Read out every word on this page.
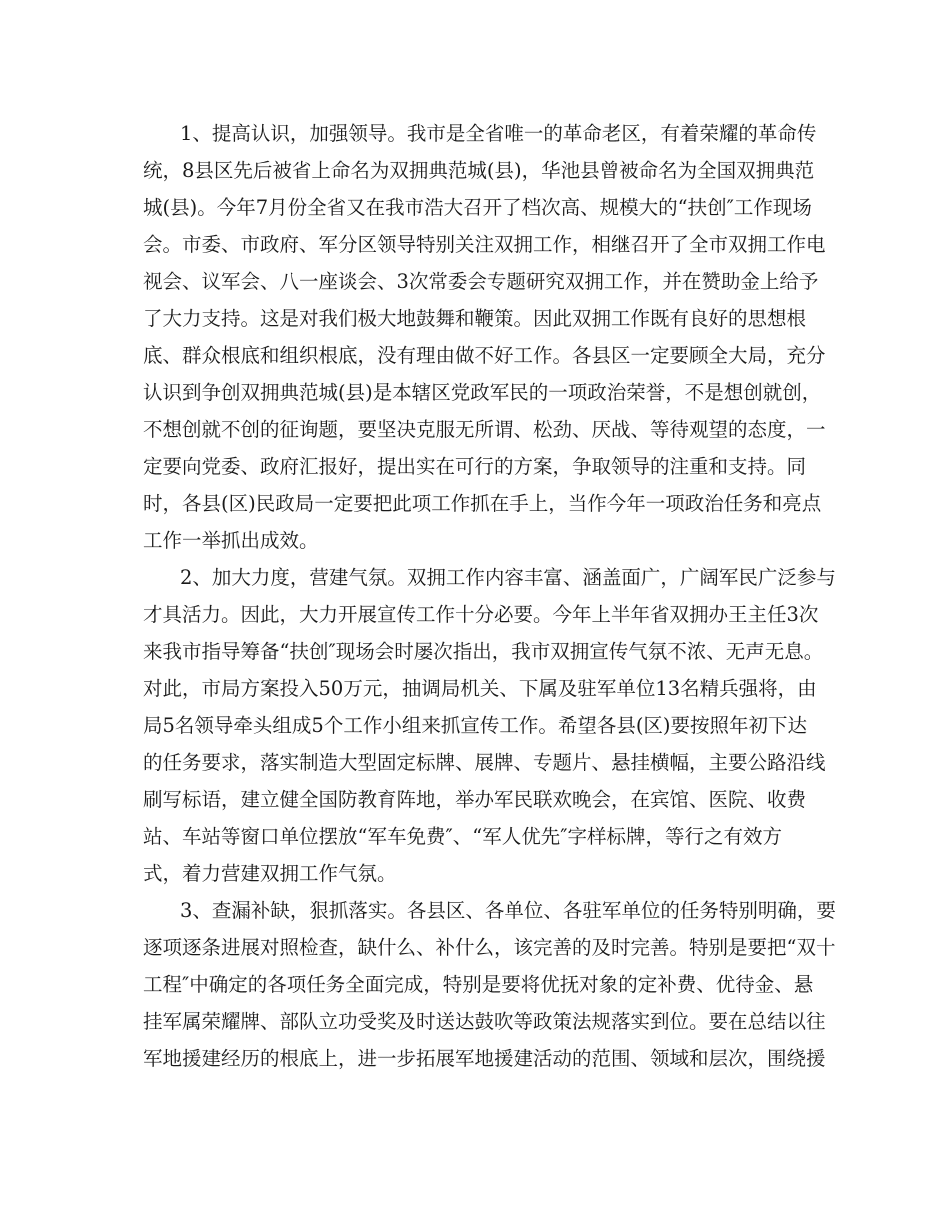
1、提高认识，加强领导。我市是全省唯一的革命老区，有着荣耀的革命传
统，8县区先后被省上命名为双拥典范城(县)，华池县曾被命名为全国双拥典范
城(县)。今年7月份全省又在我市浩大召开了档次高、规模大的“扶创″工作现场
会。市委、市政府、军分区领导特别关注双拥工作，相继召开了全市双拥工作电
视会、议军会、八一座谈会、3次常委会专题研究双拥工作，并在赞助金上给予
了大力支持。这是对我们极大地鼓舞和鞭策。因此双拥工作既有良好的思想根
底、群众根底和组织根底，没有理由做不好工作。各县区一定要顾全大局，充分
认识到争创双拥典范城(县)是本辖区党政军民的一项政治荣誉，不是想创就创，
不想创就不创的征询题，要坚决克服无所谓、松劲、厌战、等待观望的态度，一
定要向党委、政府汇报好，提出实在可行的方案，争取领导的注重和支持。同
时，各县(区)民政局一定要把此项工作抓在手上，当作今年一项政治任务和亮点
工作一举抓出成效。
2、加大力度，营建气氛。双拥工作内容丰富、涵盖面广，广阔军民广泛参与
才具活力。因此，大力开展宣传工作十分必要。今年上半年省双拥办王主任3次
来我市指导筹备“扶创″现场会时屡次指出，我市双拥宣传气氛不浓、无声无息。
对此，市局方案投入50万元，抽调局机关、下属及驻军单位13名精兵强将，由
局5名领导牵头组成5个工作小组来抓宣传工作。希望各县(区)要按照年初下达
的任务要求，落实制造大型固定标牌、展牌、专题片、悬挂横幅，主要公路沿线
刷写标语，建立健全国防教育阵地，举办军民联欢晚会，在宾馆、医院、收费
站、车站等窗口单位摆放“军车免费″、“军人优先″字样标牌，等行之有效方
式，着力营建双拥工作气氛。
3、查漏补缺，狠抓落实。各县区、各单位、各驻军单位的任务特别明确，要
逐项逐条进展对照检查，缺什么、补什么，该完善的及时完善。特别是要把“双十
工程″中确定的各项任务全面完成，特别是要将优抚对象的定补费、优待金、悬
挂军属荣耀牌、部队立功受奖及时送达鼓吹等政策法规落实到位。要在总结以往
军地援建经历的根底上，进一步拓展军地援建活动的范围、领域和层次，围绕援
